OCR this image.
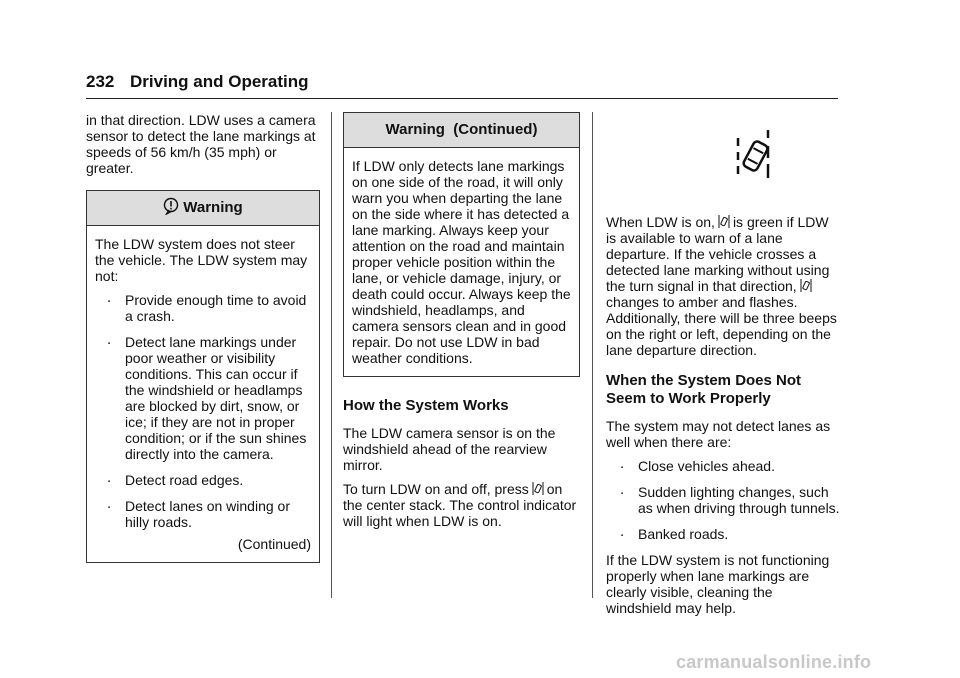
232 Driving and Operating

in that direction. LDW uses a camera sensor to detect the lane markings at speeds of 56 km/h (35 mph) or greater.

Warning

The LDW system does not steer the vehicle. The LDW system may not:

. Provide enough time to avoid a crash.
. Detect lane markings under poor weather or visibility conditions. This can occur if the windshield or headlamps are blocked by dirt, snow, or ice; if they are not in proper condition; or if the sun shines directly into the camera.
. Detect road edges.
. Detect lanes on winding or hilly roads.
(Continued)
Warning  (Continued)

If LDW only detects lane markings on one side of the road, it will only warn you when departing the lane on the side where it has detected a lane marking. Always keep your attention on the road and maintain proper vehicle position within the lane, or vehicle damage, injury, or death could occur. Always keep the windshield, headlamps, and camera sensors clean and in good repair. Do not use LDW in bad weather conditions.

How the System Works

The LDW camera sensor is on the windshield ahead of the rearview mirror.

To turn LDW on and off, press on the center stack. The control indicator will light when LDW is on.

When LDW is on, is green if LDW is available to warn of a lane departure. If the vehicle crosses a detected lane marking without using the turn signal in that direction,changes to amber and flashes. Additionally, there will be three beeps on the right or left, depending on the lane departure direction.

When the System Does Not Seem to Work Properly

The system may not detect lanes as well when there are:

. Close vehicles ahead.
. Sudden lighting changes, such as when driving through tunnels.
. Banked roads.

If the LDW system is not functioning properly when lane markings are clearly visible, cleaning the windshield may help.

carmanualsonline.info
